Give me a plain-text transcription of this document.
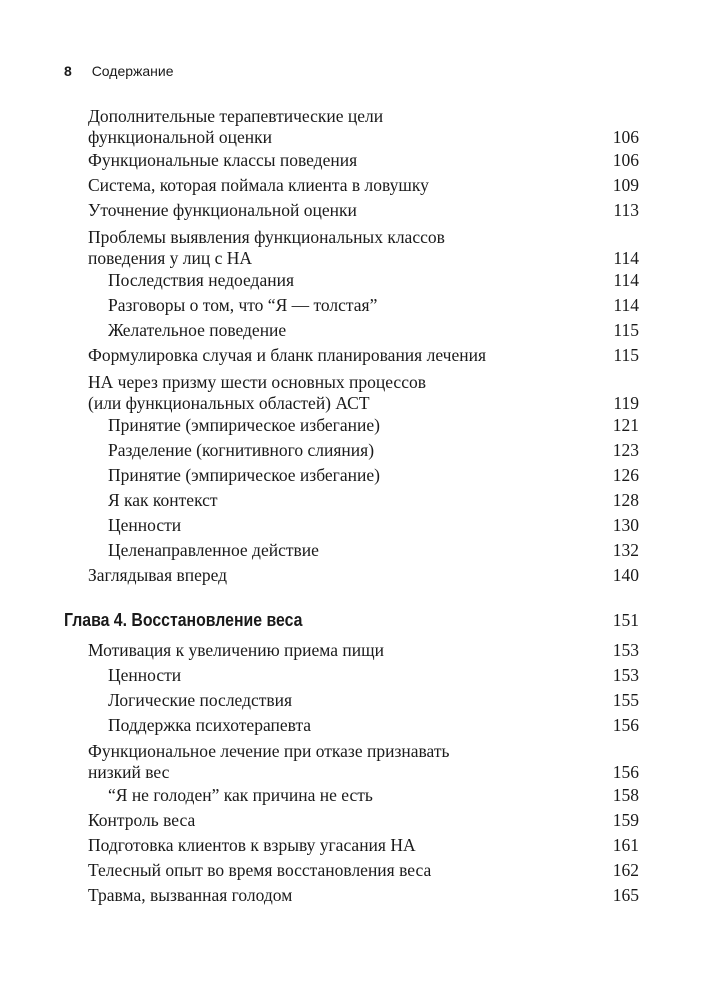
8 Содержание
Дополнительные терапевтические цели
функциональной оценки	106
Функциональные классы поведения	106
Система, которая поймала клиента в ловушку	109
Уточнение функциональной оценки	113
Проблемы выявления функциональных классов
поведения у лиц с НА	114
Последствия недоедания	114
Разговоры о том, что “Я — толстая”	114
Желательное поведение	115
Формулировка случая и бланк планирования лечения	115
НА через призму шести основных процессов
(или функциональных областей) АСТ	119
Принятие (эмпирическое избегание)	121
Разделение (когнитивного слияния)	123
Принятие (эмпирическое избегание)	126
Я как контекст	128
Ценности	130
Целенаправленное действие	132
Заглядывая вперед	140
Глава 4. Восстановление веса	151
Мотивация к увеличению приема пищи	153
Ценности	153
Логические последствия	155
Поддержка психотерапевта	156
Функциональное лечение при отказе признавать
низкий вес	156
“Я не голоден” как причина не есть	158
Контроль веса	159
Подготовка клиентов к взрыву угасания НА	161
Телесный опыт во время восстановления веса	162
Травма, вызванная голодом	165
